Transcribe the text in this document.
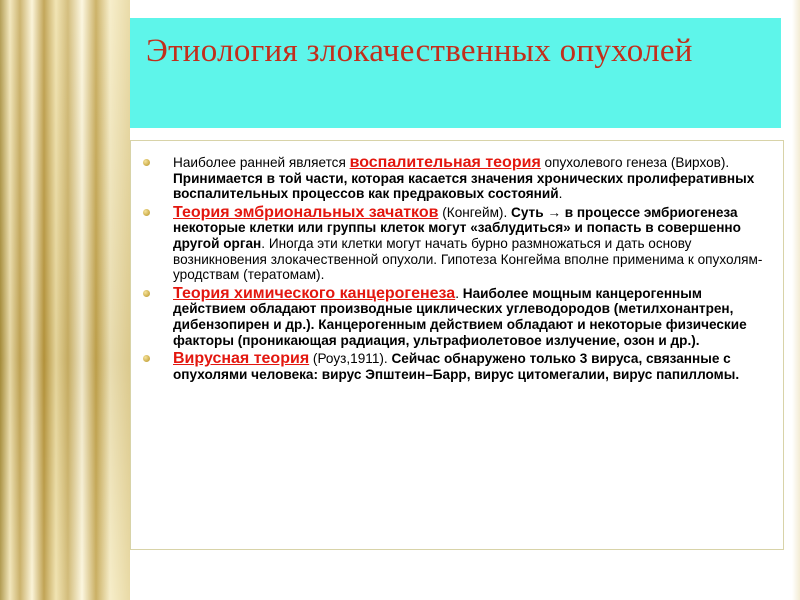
Этиология злокачественных опухолей
Наиболее ранней является воспалительная теория опухолевого генеза (Вирхов). Принимается в той части, которая касается значения хронических пролиферативных воспалительных процессов как предраковых состояний.
Теория эмбриональных зачатков (Конгейм). Суть → в процессе эмбриогенеза некоторые клетки или группы клеток могут «заблудиться» и попасть в совершенно другой орган. Иногда эти клетки могут начать бурно размножаться и дать основу возникновения злокачественной опухоли. Гипотеза Конгейма вполне применима к опухолям-уродствам (тератомам).
Теория химического канцерогенеза. Наиболее мощным канцерогенным действием обладают производные циклических углеводородов (метилхонантрен, дибензопирен и др.). Канцерогенным действием обладают и некоторые физические факторы (проникающая радиация, ультрафиолетовое излучение, озон и др.).
Вирусная теория (Роуз,1911). Сейчас обнаружено только 3 вируса, связанные с опухолями человека: вирус Эпштеин–Барр, вирус цитомегалии, вирус папилломы.
